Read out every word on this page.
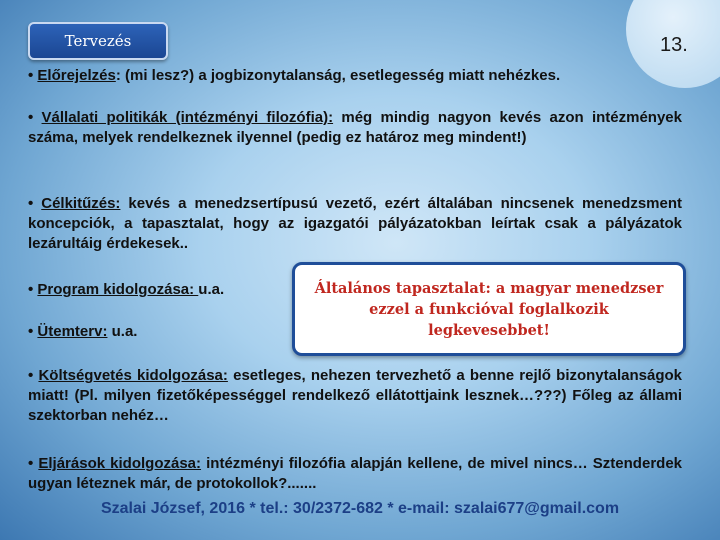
Tervezés	13.
• Előrejelzés: (mi lesz?) a jogbizonytalanság, esetlegesség miatt nehézkes.
• Vállalati politikák (intézményi filozófia): még mindig nagyon kevés azon intézmények száma, melyek rendelkeznek ilyennel (pedig ez határoz meg mindent!)
• Célkitűzés: kevés a menedzsertípusú vezető, ezért általában nincsenek menedzsment koncepciók, a tapasztalat, hogy az igazgatói pályázatokban leírtak csak a pályázatok lezárultáig érdekesek..
• Program kidolgozása: u.a.
• Ütemterv: u.a.
Általános tapasztalat: a magyar menedzser ezzel a funkcióval foglalkozik legkevesebbet!
• Költségvetés kidolgozása: esetleges, nehezen tervezhető a benne rejlő bizonytalanságok miatt! (Pl. milyen fizetőképességgel rendelkező ellátottjaink lesznek…???) Főleg az állami szektorban nehéz…
• Eljárások kidolgozása: intézményi filozófia alapján kellene, de mivel nincs… Sztenderdek ugyan léteznek már, de protokollok?.......
Szalai József, 2016 * tel.: 30/2372-682 * e-mail: szalai677@gmail.com
